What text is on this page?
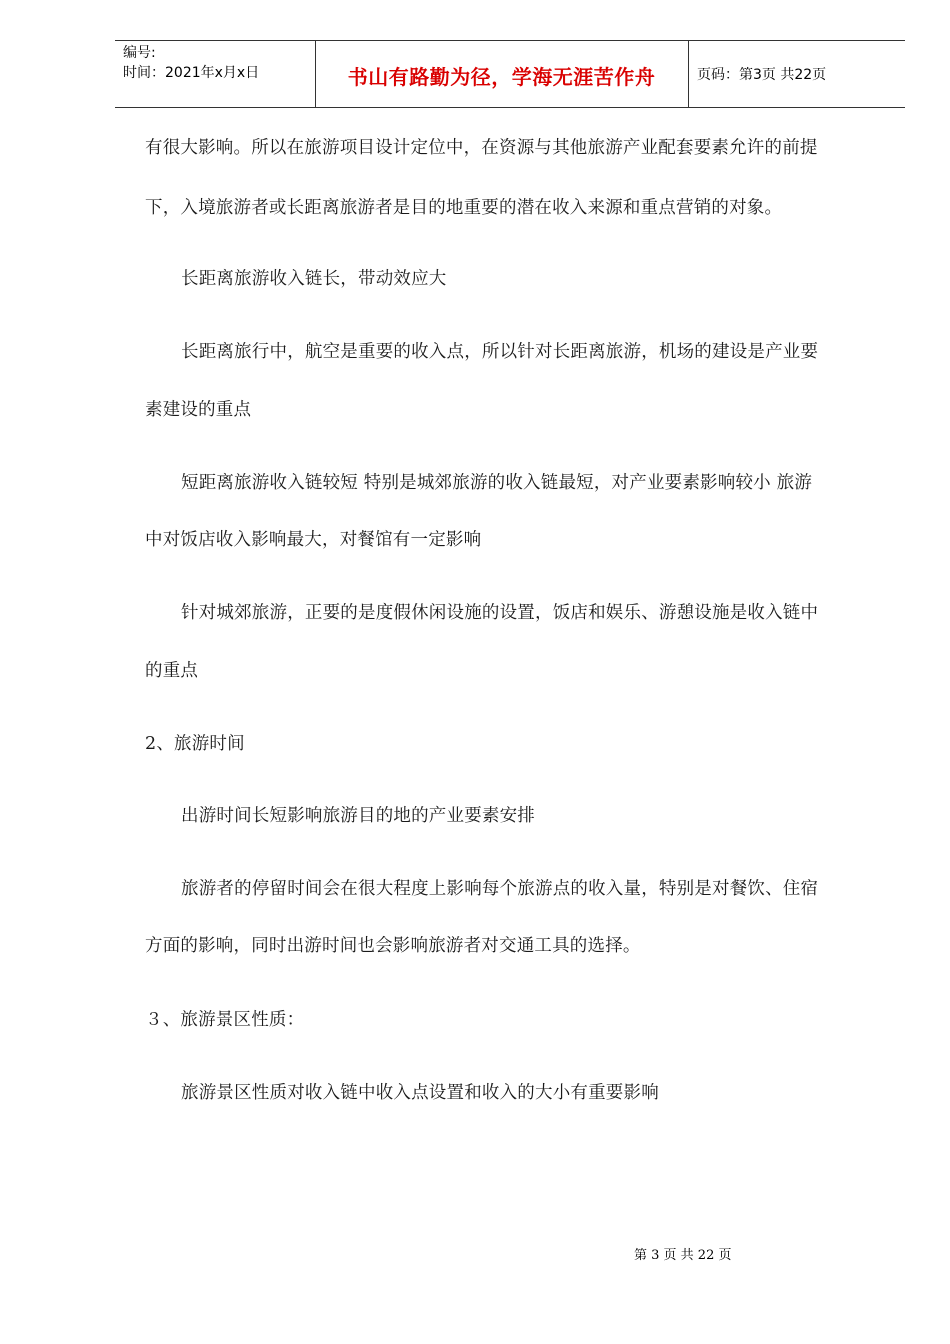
编号:
时间：2021年x月x日	书山有路勤为径，学海无涯苦作舟	页码：第3页 共22页
有很大影响。所以在旅游项目设计定位中，在资源与其他旅游产业配套要素允许的前提
下，入境旅游者或长距离旅游者是目的地重要的潜在收入来源和重点营销的对象。
长距离旅游收入链长，带动效应大
长距离旅行中，航空是重要的收入点，所以针对长距离旅游，机场的建设是产业要
素建设的重点
短距离旅游收入链较短 特别是城郊旅游的收入链最短，对产业要素影响较小 旅游
中对饭店收入影响最大，对餐馆有一定影响
针对城郊旅游，正要的是度假休闲设施的设置，饭店和娱乐、游憩设施是收入链中
的重点
2、旅游时间
出游时间长短影响旅游目的地的产业要素安排
旅游者的停留时间会在很大程度上影响每个旅游点的收入量，特别是对餐饮、住宿
方面的影响，同时出游时间也会影响旅游者对交通工具的选择。
３、旅游景区性质：
旅游景区性质对收入链中收入点设置和收入的大小有重要影响
第 3 页 共 22 页
